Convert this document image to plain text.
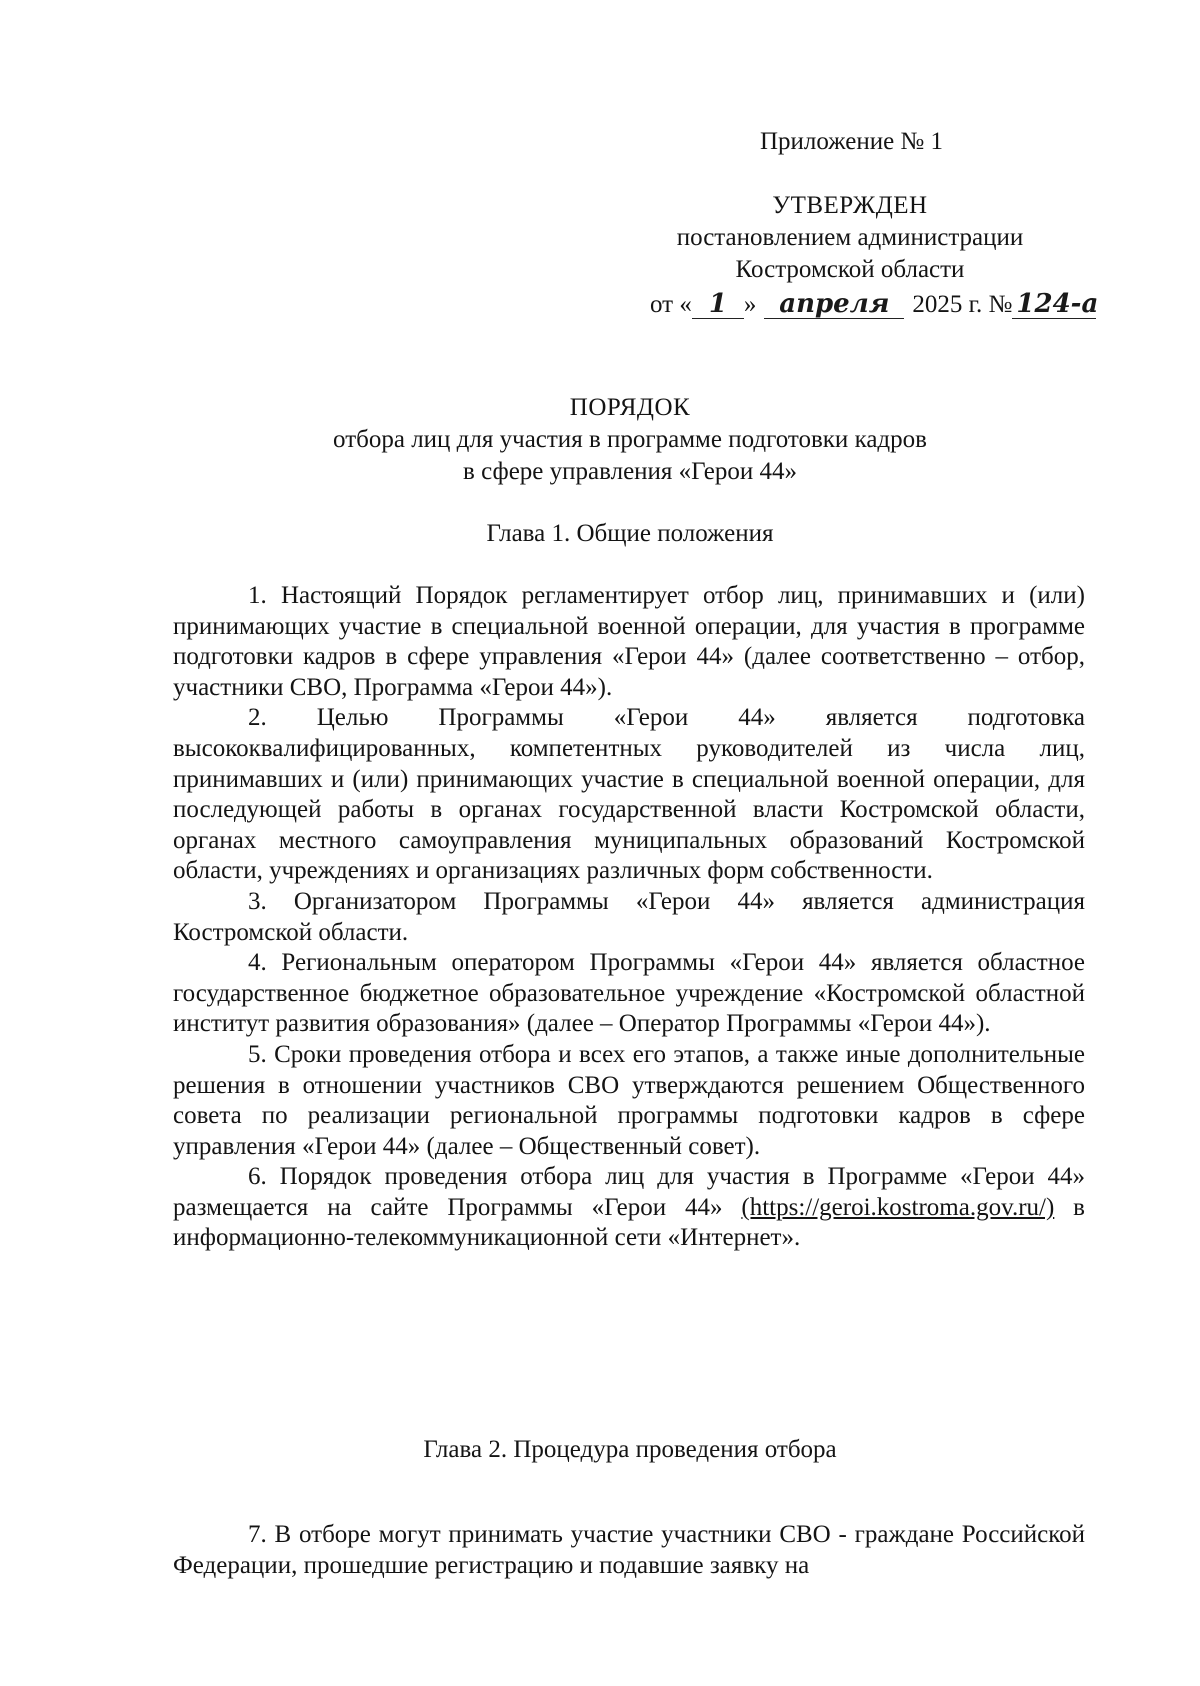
Приложение № 1
УТВЕРЖДЕН
постановлением администрации
Костромской области
от « 1 » апреля 2025 г. № 124-а
ПОРЯДОК
отбора лиц для участия в программе подготовки кадров
в сфере управления «Герои 44»
Глава 1. Общие положения

1. Настоящий Порядок регламентирует отбор лиц, принимавших и (или) принимающих участие в специальной военной операции, для участия в программе подготовки кадров в сфере управления «Герои 44» (далее соответственно – отбор, участники СВО, Программа «Герои 44»).

2. Целью Программы «Герои 44» является подготовка высококвалифицированных, компетентных руководителей из числа лиц, принимавших и (или) принимающих участие в специальной военной операции, для последующей работы в органах государственной власти Костромской области, органах местного самоуправления муниципальных образований Костромской области, учреждениях и организациях различных форм собственности.

3. Организатором Программы «Герои 44» является администрация Костромской области.

4. Региональным оператором Программы «Герои 44» является областное государственное бюджетное образовательное учреждение «Костромской областной институт развития образования» (далее – Оператор Программы «Герои 44»).

5. Сроки проведения отбора и всех его этапов, а также иные дополнительные решения в отношении участников СВО утверждаются решением Общественного совета по реализации региональной программы подготовки кадров в сфере управления «Герои 44» (далее – Общественный совет).

6. Порядок проведения отбора лиц для участия в Программе «Герои 44» размещается на сайте Программы «Герои 44» (https://geroi.kostroma.gov.ru/) в информационно-телекоммуникационной сети «Интернет».

Глава 2. Процедура проведения отбора

7. В отборе могут принимать участие участники СВО - граждане Российской Федерации, прошедшие регистрацию и подавшие заявку на
